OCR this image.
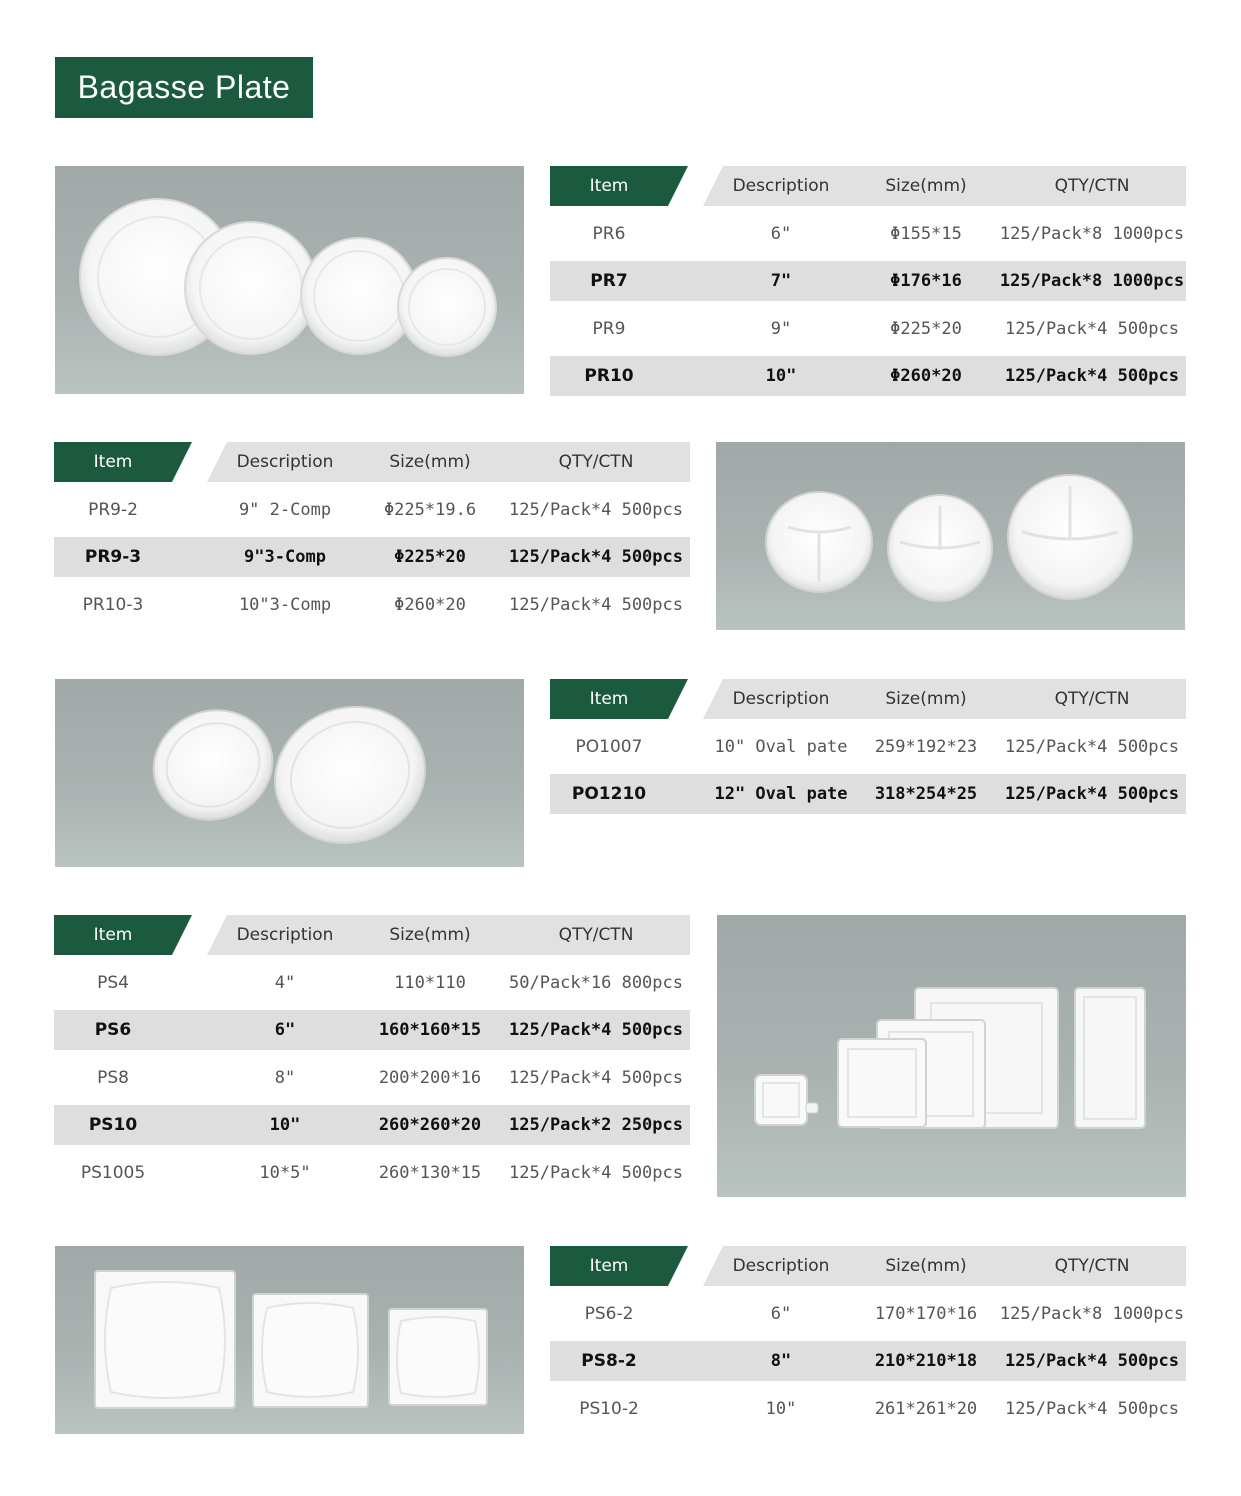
Bagasse Plate
Item	Description	Size(mm)	QTY/CTN
PR6	6"	Φ155*15	125/Pack*8 1000pcs
PR7	7"	Φ176*16	125/Pack*8 1000pcs
PR9	9"	Φ225*20	125/Pack*4 500pcs
PR10	10"	Φ260*20	125/Pack*4 500pcs
Item	Description	Size(mm)	QTY/CTN
PR9-2	9" 2-Comp	Φ225*19.6	125/Pack*4 500pcs
PR9-3	9"3-Comp	Φ225*20	125/Pack*4 500pcs
PR10-3	10"3-Comp	Φ260*20	125/Pack*4 500pcs
Item	Description	Size(mm)	QTY/CTN
PO1007	10" Oval pate	259*192*23	125/Pack*4 500pcs
PO1210	12" Oval pate	318*254*25	125/Pack*4 500pcs
Item	Description	Size(mm)	QTY/CTN
PS4	4"	110*110	50/Pack*16 800pcs
PS6	6"	160*160*15	125/Pack*4 500pcs
PS8	8"	200*200*16	125/Pack*4 500pcs
PS10	10"	260*260*20	125/Pack*2 250pcs
PS1005	10*5"	260*130*15	125/Pack*4 500pcs
Item	Description	Size(mm)	QTY/CTN
PS6-2	6"	170*170*16	125/Pack*8 1000pcs
PS8-2	8"	210*210*18	125/Pack*4 500pcs
PS10-2	10"	261*261*20	125/Pack*4 500pcs
